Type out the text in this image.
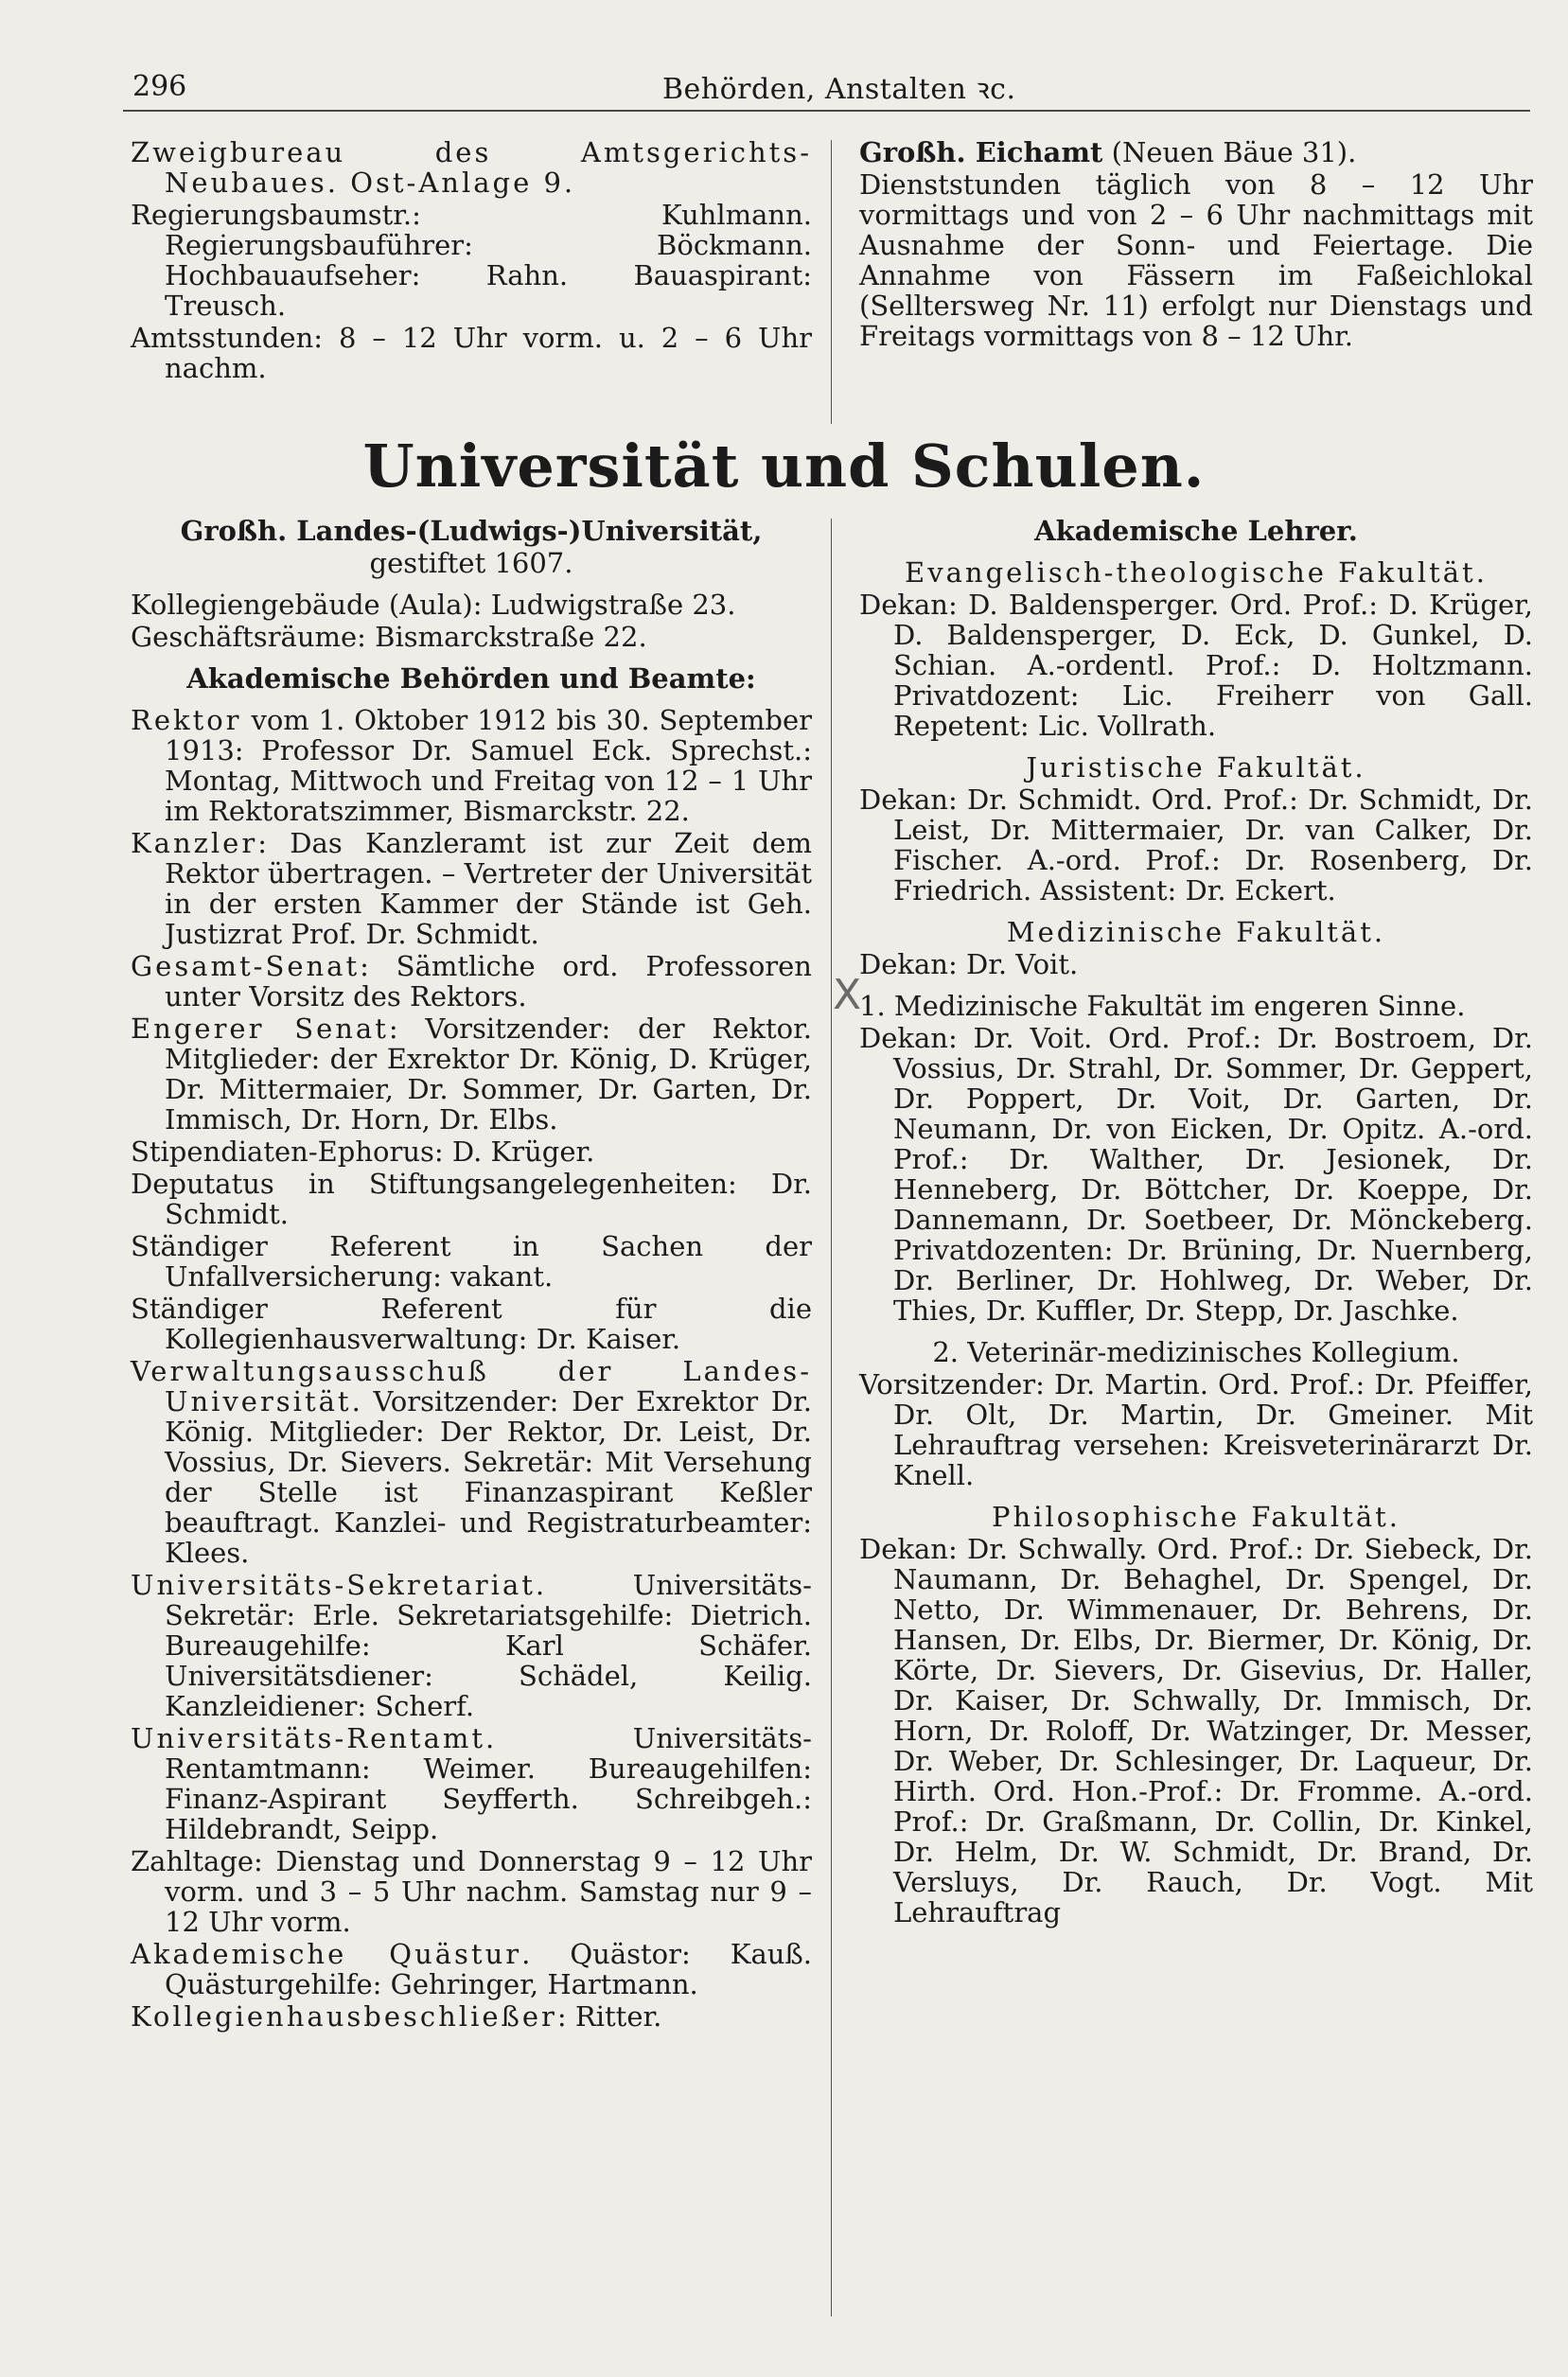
296	Behörden, Anstalten ꝛc.

Zweigbureau des Amtsgerichts-Neubaues. Ost-Anlage 9.

Regierungsbaumstr.: Kuhlmann. Regierungsbauführer: Böckmann. Hochbauaufseher: Rahn. Bauaspirant: Treusch.

Amtsstunden: 8 – 12 Uhr vorm. u. 2 – 6 Uhr nachm.

Großh. Eichamt (Neuen Bäue 31).

Dienststunden täglich von 8 – 12 Uhr vormittags und von 2 – 6 Uhr nachmittags mit Ausnahme der Sonn- und Feiertage. Die Annahme von Fässern im Faßeichlokal (Selltersweg Nr. 11) erfolgt nur Dienstags und Freitags vormittags von 8 – 12 Uhr.

Universität und Schulen.

Großh. Landes-(Ludwigs-)Universität,

gestiftet 1607.

Kollegiengebäude (Aula): Ludwigstraße 23.

Geschäftsräume: Bismarckstraße 22.

Akademische Behörden und Beamte:

Rektor vom 1. Oktober 1912 bis 30. September 1913: Professor Dr. Samuel Eck. Sprechst.: Montag, Mittwoch und Freitag von 12 – 1 Uhr im Rektoratszimmer, Bismarckstr. 22.

Kanzler: Das Kanzleramt ist zur Zeit dem Rektor übertragen. – Vertreter der Universität in der ersten Kammer der Stände ist Geh. Justizrat Prof. Dr. Schmidt.

Gesamt-Senat: Sämtliche ord. Professoren unter Vorsitz des Rektors.

Engerer Senat: Vorsitzender: der Rektor. Mitglieder: der Exrektor Dr. König, D. Krüger, Dr. Mittermaier, Dr. Sommer, Dr. Garten, Dr. Immisch, Dr. Horn, Dr. Elbs.

Stipendiaten-Ephorus: D. Krüger.

Deputatus in Stiftungsangelegenheiten: Dr. Schmidt.

Ständiger Referent in Sachen der Unfallversicherung: vakant.

Ständiger Referent für die Kollegienhausverwaltung: Dr. Kaiser.

Verwaltungsausschuß der Landes-Universität. Vorsitzender: Der Exrektor Dr. König. Mitglieder: Der Rektor, Dr. Leist, Dr. Vossius, Dr. Sievers. Sekretär: Mit Versehung der Stelle ist Finanzaspirant Keßler beauftragt. Kanzlei- und Registraturbeamter: Klees.

Universitäts-Sekretariat. Universitäts-Sekretär: Erle. Sekretariatsgehilfe: Dietrich. Bureaugehilfe: Karl Schäfer. Universitätsdiener: Schädel, Keilig. Kanzleidiener: Scherf.

Universitäts-Rentamt. Universitäts-Rentamtmann: Weimer. Bureaugehilfen: Finanz-Aspirant Seyfferth. Schreibgeh.: Hildebrandt, Seipp.

Zahltage: Dienstag und Donnerstag 9 – 12 Uhr vorm. und 3 – 5 Uhr nachm. Samstag nur 9 – 12 Uhr vorm.

Akademische Quästur. Quästor: Kauß. Quästurgehilfe: Gehringer, Hartmann.

Kollegienhausbeschließer: Ritter.

X

Akademische Lehrer.

Evangelisch-theologische Fakultät.

Dekan: D. Baldensperger. Ord. Prof.: D. Krüger, D. Baldensperger, D. Eck, D. Gunkel, D. Schian. A.-ordentl. Prof.: D. Holtzmann. Privatdozent: Lic. Freiherr von Gall. Repetent: Lic. Vollrath.

Juristische Fakultät.

Dekan: Dr. Schmidt. Ord. Prof.: Dr. Schmidt, Dr. Leist, Dr. Mittermaier, Dr. van Calker, Dr. Fischer. A.-ord. Prof.: Dr. Rosenberg, Dr. Friedrich. Assistent: Dr. Eckert.

Medizinische Fakultät.

Dekan: Dr. Voit.

1. Medizinische Fakultät im engeren Sinne.

Dekan: Dr. Voit. Ord. Prof.: Dr. Bostroem, Dr. Vossius, Dr. Strahl, Dr. Sommer, Dr. Geppert, Dr. Poppert, Dr. Voit, Dr. Garten, Dr. Neumann, Dr. von Eicken, Dr. Opitz. A.-ord. Prof.: Dr. Walther, Dr. Jesionek, Dr. Henneberg, Dr. Böttcher, Dr. Koeppe, Dr. Dannemann, Dr. Soetbeer, Dr. Mönckeberg. Privatdozenten: Dr. Brüning, Dr. Nuernberg, Dr. Berliner, Dr. Hohlweg, Dr. Weber, Dr. Thies, Dr. Kuffler, Dr. Stepp, Dr. Jaschke.

2. Veterinär-medizinisches Kollegium.

Vorsitzender: Dr. Martin. Ord. Prof.: Dr. Pfeiffer, Dr. Olt, Dr. Martin, Dr. Gmeiner. Mit Lehrauftrag versehen: Kreisveterinärarzt Dr. Knell.

Philosophische Fakultät.

Dekan: Dr. Schwally. Ord. Prof.: Dr. Siebeck, Dr. Naumann, Dr. Behaghel, Dr. Spengel, Dr. Netto, Dr. Wimmenauer, Dr. Behrens, Dr. Hansen, Dr. Elbs, Dr. Biermer, Dr. König, Dr. Körte, Dr. Sievers, Dr. Gisevius, Dr. Haller, Dr. Kaiser, Dr. Schwally, Dr. Immisch, Dr. Horn, Dr. Roloff, Dr. Watzinger, Dr. Messer, Dr. Weber, Dr. Schlesinger, Dr. Laqueur, Dr. Hirth. Ord. Hon.-Prof.: Dr. Fromme. A.-ord. Prof.: Dr. Graßmann, Dr. Collin, Dr. Kinkel, Dr. Helm, Dr. W. Schmidt, Dr. Brand, Dr. Versluys, Dr. Rauch, Dr. Vogt. Mit Lehrauftrag
